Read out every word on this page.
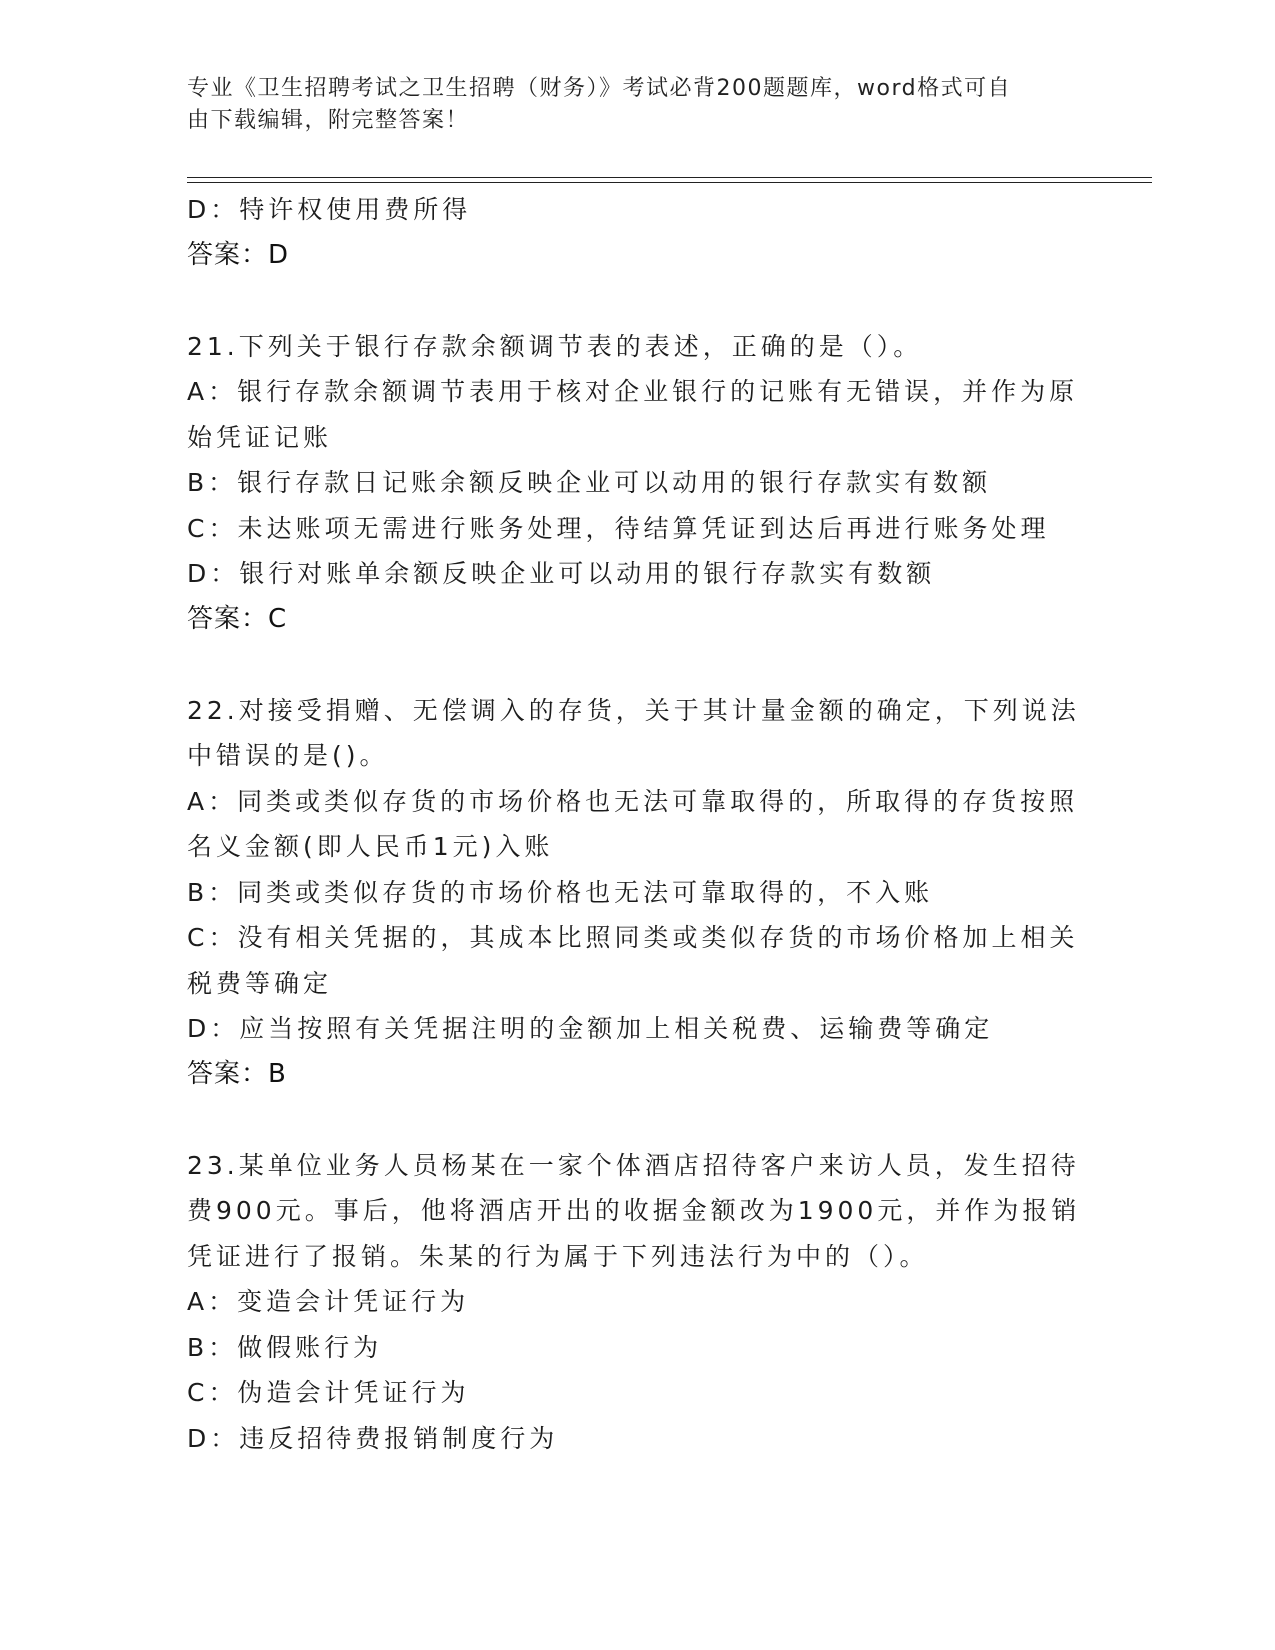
专业《卫生招聘考试之卫生招聘（财务）》考试必背200题题库，word格式可自
由下载编辑，附完整答案！
D：特许权使用费所得
答案：D
21.下列关于银行存款余额调节表的表述，正确的是（）。
A：银行存款余额调节表用于核对企业银行的记账有无错误，并作为原
始凭证记账
B：银行存款日记账余额反映企业可以动用的银行存款实有数额
C：未达账项无需进行账务处理，待结算凭证到达后再进行账务处理
D：银行对账单余额反映企业可以动用的银行存款实有数额
答案：C
22.对接受捐赠、无偿调入的存货，关于其计量金额的确定，下列说法
中错误的是()。
A：同类或类似存货的市场价格也无法可靠取得的，所取得的存货按照
名义金额(即人民币1元)入账
B：同类或类似存货的市场价格也无法可靠取得的，不入账
C：没有相关凭据的，其成本比照同类或类似存货的市场价格加上相关
税费等确定
D：应当按照有关凭据注明的金额加上相关税费、运输费等确定
答案：B
23.某单位业务人员杨某在一家个体酒店招待客户来访人员，发生招待
费900元。事后，他将酒店开出的收据金额改为1900元，并作为报销
凭证进行了报销。朱某的行为属于下列违法行为中的（）。
A：变造会计凭证行为
B：做假账行为
C：伪造会计凭证行为
D：违反招待费报销制度行为
